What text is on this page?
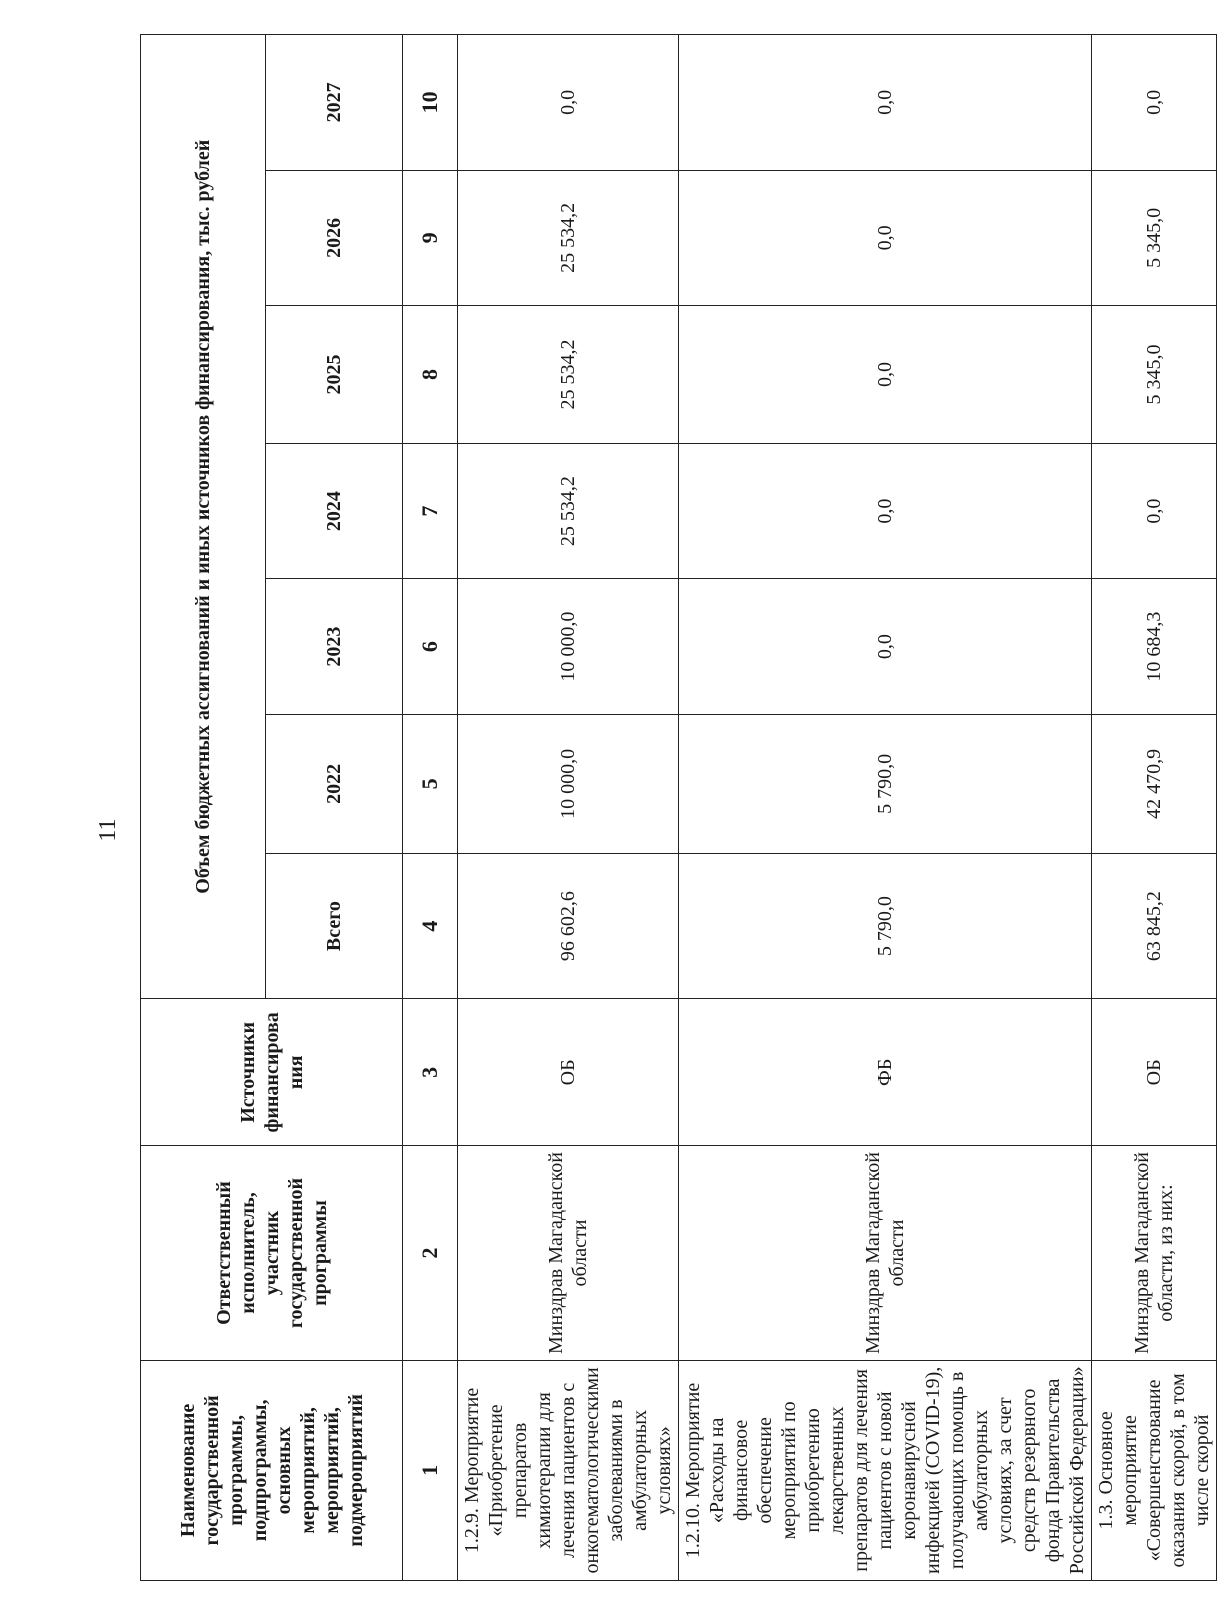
11
Наименование государственной программы, подпрограммы, основных мероприятий, мероприятий, подмероприятий	Ответственный исполнитель, участник государственной программы	Источники финансирова ния	Объем бюджетных ассигнований и иных источников финансирования, тыс. рублей						
			Всего	2022	2023	2024	2025	2026	2027
1	2	3	4	5	6	7	8	9	10
1.2.9. Мероприятие «Приобретение препаратов химиотерапии для лечения пациентов с онкогематологическими заболеваниями в амбулаторных условиях»	Минздрав Магаданской области	ОБ	96 602,6	10 000,0	10 000,0	25 534,2	25 534,2	25 534,2	0,0
1.2.10. Мероприятие «Расходы на финансовое обеспечение мероприятий по приобретению лекарственных препаратов для лечения пациентов с новой коронавирусной инфекцией (COVID-19), получающих помощь в амбулаторных условиях, за счет средств резервного фонда Правительства Российской Федерации»	Минздрав Магаданской области	ФБ	5 790,0	5 790,0	0,0	0,0	0,0	0,0	0,0
1.3. Основное мероприятие «Совершенствование оказания скорой, в том числе скорой	Минздрав Магаданской области, из них:	ОБ	63 845,2	42 470,9	10 684,3	0,0	5 345,0	5 345,0	0,0
